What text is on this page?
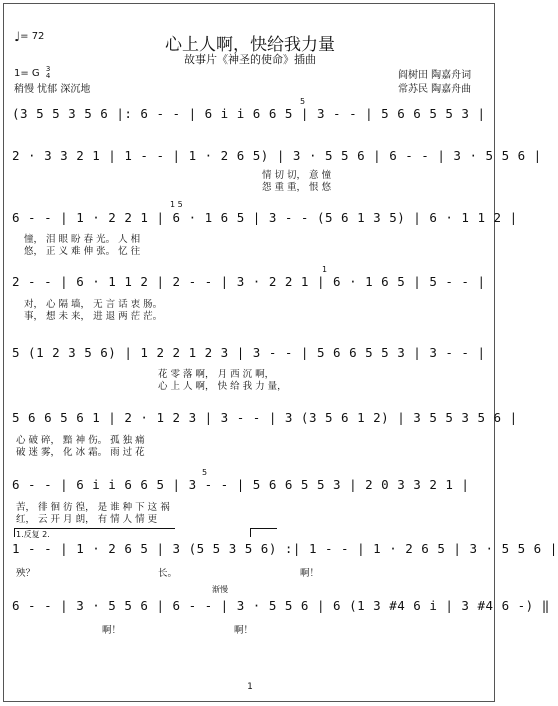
♩= 72	心上人啊，快给我力量
故事片《神圣的使命》插曲
1= G 3
4
稍慢 忧郁 深沉地
阎树田 陶嘉舟词
常苏民 陶嘉舟曲
5
(3 5 5 3 5 6 |: 6 - - | 6 i i 6 6 5 | 3 - - | 5 6 6 5 5 3 |
2 · 3 3 2 1 | 1 - - | 1 · 2 6 5) | 3 · 5 5 6 | 6 - - | 3 · 5 5 6 |
情 切 切， 意 憧
怨 重 重， 恨 悠
1 5
6 - - | 1 · 2 2 1 | 6 · 1 6 5 | 3 - - (5 6 1 3 5) | 6 · 1 1 2 |
憧， 泪 眼 盼 春 光。 人 相
悠， 正 义 难 伸 张。 忆 往
1
2 - - | 6 · 1 1 2 | 2 - - | 3 · 2 2 1 | 6 · 1 6 5 | 5 - - |
对， 心 隔 墙， 无 言 话 衷 肠。
事， 想 未 来， 进 退 两 茫 茫。
5 (1 2 3 5 6) | 1 2 2 1 2 3 | 3 - - | 5 6 6 5 5 3 | 3 - - |
花 零 落 啊， 月 西 沉 啊，
心 上 人 啊， 快 给 我 力 量，
5 6 6 5 6 1 | 2 · 1 2 3 | 3 - - | 3 (3 5 6 1 2) | 3 5 5 3 5 6 |
心 破 碎， 黯 神 伤。 孤 独 痛
破 迷 雾， 化 冰 霜。 雨 过 花
5
6 - - | 6 i i 6 6 5 | 3 - - | 5 6 6 5 5 3 | 2 0 3 3 2 1 |
苦， 徘 徊 彷 徨， 是 谁 种 下 这 祸
红， 云 开 月 朗， 有 情 人 情 更
1.反复 2.
1 - - | 1 · 2 6 5 | 3 (5 5 3 5 6) :| 1 - - | 1 · 2 6 5 | 3 · 5 5 6 |
殃？ 长。 啊！
渐慢
6 - - | 3 · 5 5 6 | 6 - - | 3 · 5 5 6 | 6 (1 3 #4 6 i | 3 #4 6 -) ‖
啊！ 啊！
1
